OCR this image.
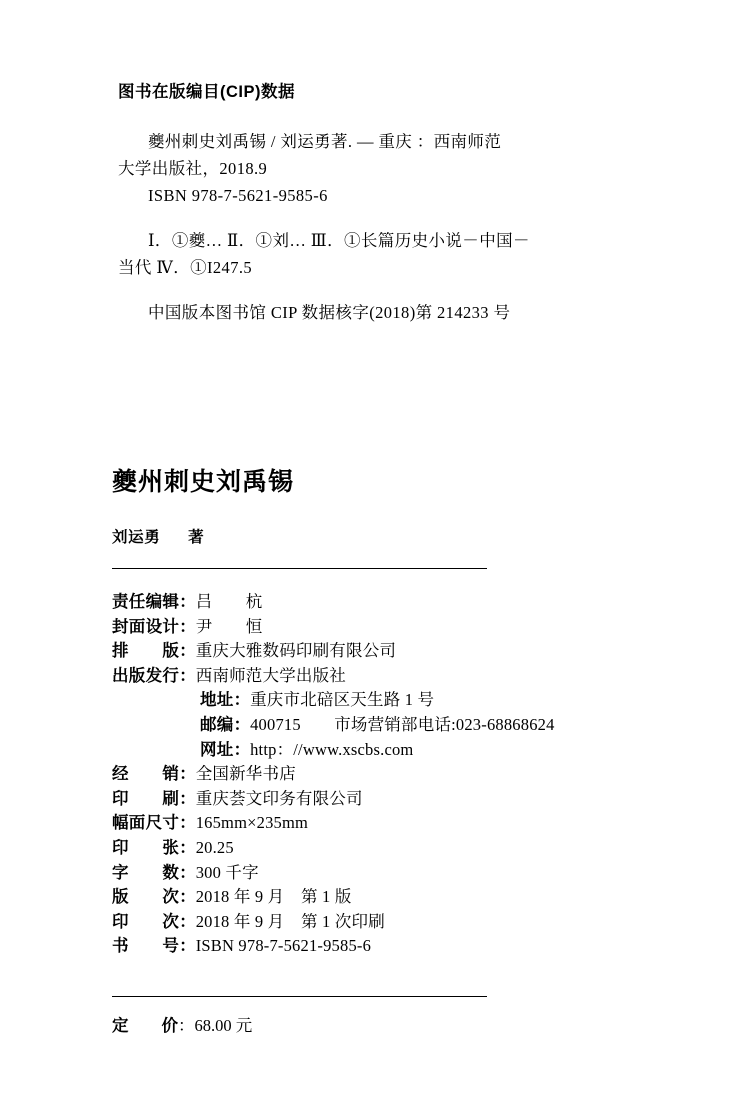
图书在版编目(CIP)数据
夔州刺史刘禹锡 / 刘运勇著. — 重庆 ：西南师范
大学出版社，2018.9
ISBN 978-7-5621-9585-6
Ⅰ．①夔… Ⅱ．①刘… Ⅲ．①长篇历史小说－中国－
当代 Ⅳ．①I247.5
中国版本图书馆 CIP 数据核字(2018)第 214233 号
夔州刺史刘禹锡
刘运勇 著
责任编辑 ： 吕　　杭
封面设计 ： 尹　　恒
排　　版 ： 重庆大雅数码印刷有限公司
出版发行 ： 西南师范大学出版社
地址 ： 重庆市北碚区天生路 1 号
邮编 ： 400715　　市场营销部电话:023-68868624
网址 ： http：//www.xscbs.com
经　　销 ： 全国新华书店
印　　刷 ： 重庆荟文印务有限公司
幅面尺寸 ： 165mm×235mm
印　　张 ： 20.25
字　　数 ： 300 千字
版　　次 ： 2018 年 9 月　第 1 版
印　　次 ： 2018 年 9 月　第 1 次印刷
书　　号 ： ISBN 978-7-5621-9585-6
定　　价 ： 68.00 元
